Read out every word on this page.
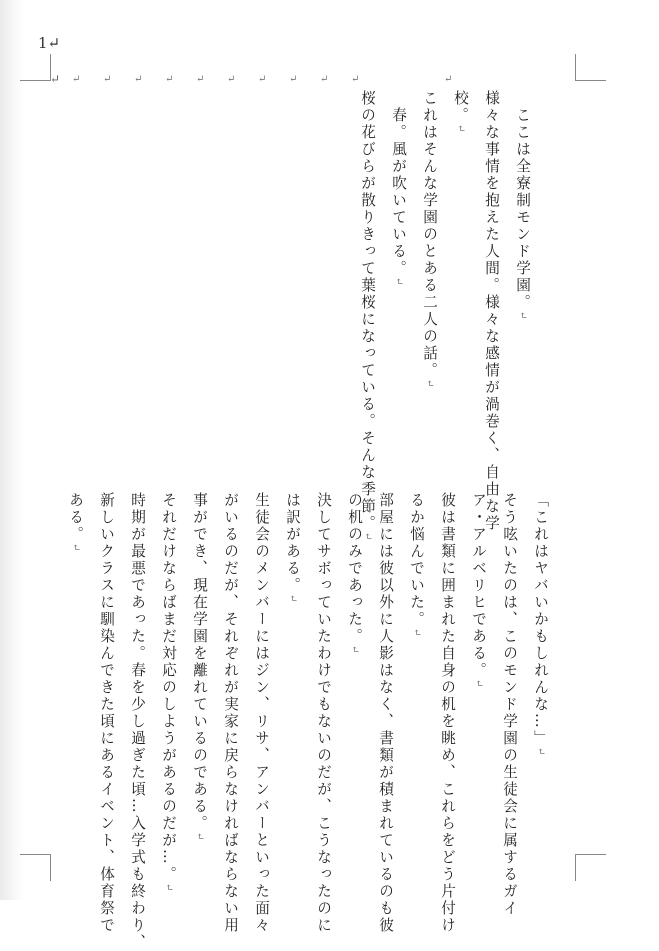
1↵
↵ ↵ ↵ ↵ ↵ ↵ ↵ ↵ ↵ ↵ ↵	↵
　ここは全寮制モンド学園。↵
様々な事情を抱えた人間。様々な感情が渦巻く、自由な学
校。↵
これはそんな学園のとある二人の話。↵
　春。風が吹いている。↵
桜の花びらが散りきって葉桜になっている。そんな季節。↵	「これはヤバいかもしれんな…」↵
そう呟いたのは、このモンド学園の生徒会に属するガイ
ア・アルベリヒである。↵
彼は書類に囲まれた自身の机を眺め、これらをどう片付け
るか悩んでいた。↵
部屋には彼以外に人影はなく、書類が積まれているのも彼
の机のみであった。↵
決してサボっていたわけでもないのだが、こうなったのに
は訳がある。↵
生徒会のメンバーにはジン、リサ、アンバーといった面々
がいるのだが、それぞれが実家に戻らなければならない用
事ができ、現在学園を離れているのである。↵
それだけならばまだ対応のしようがあるのだが…。↵
時期が最悪であった。春を少し過ぎた頃…入学式も終わり、
新しいクラスに馴染んできた頃にあるイベント、体育祭で
ある。↵
